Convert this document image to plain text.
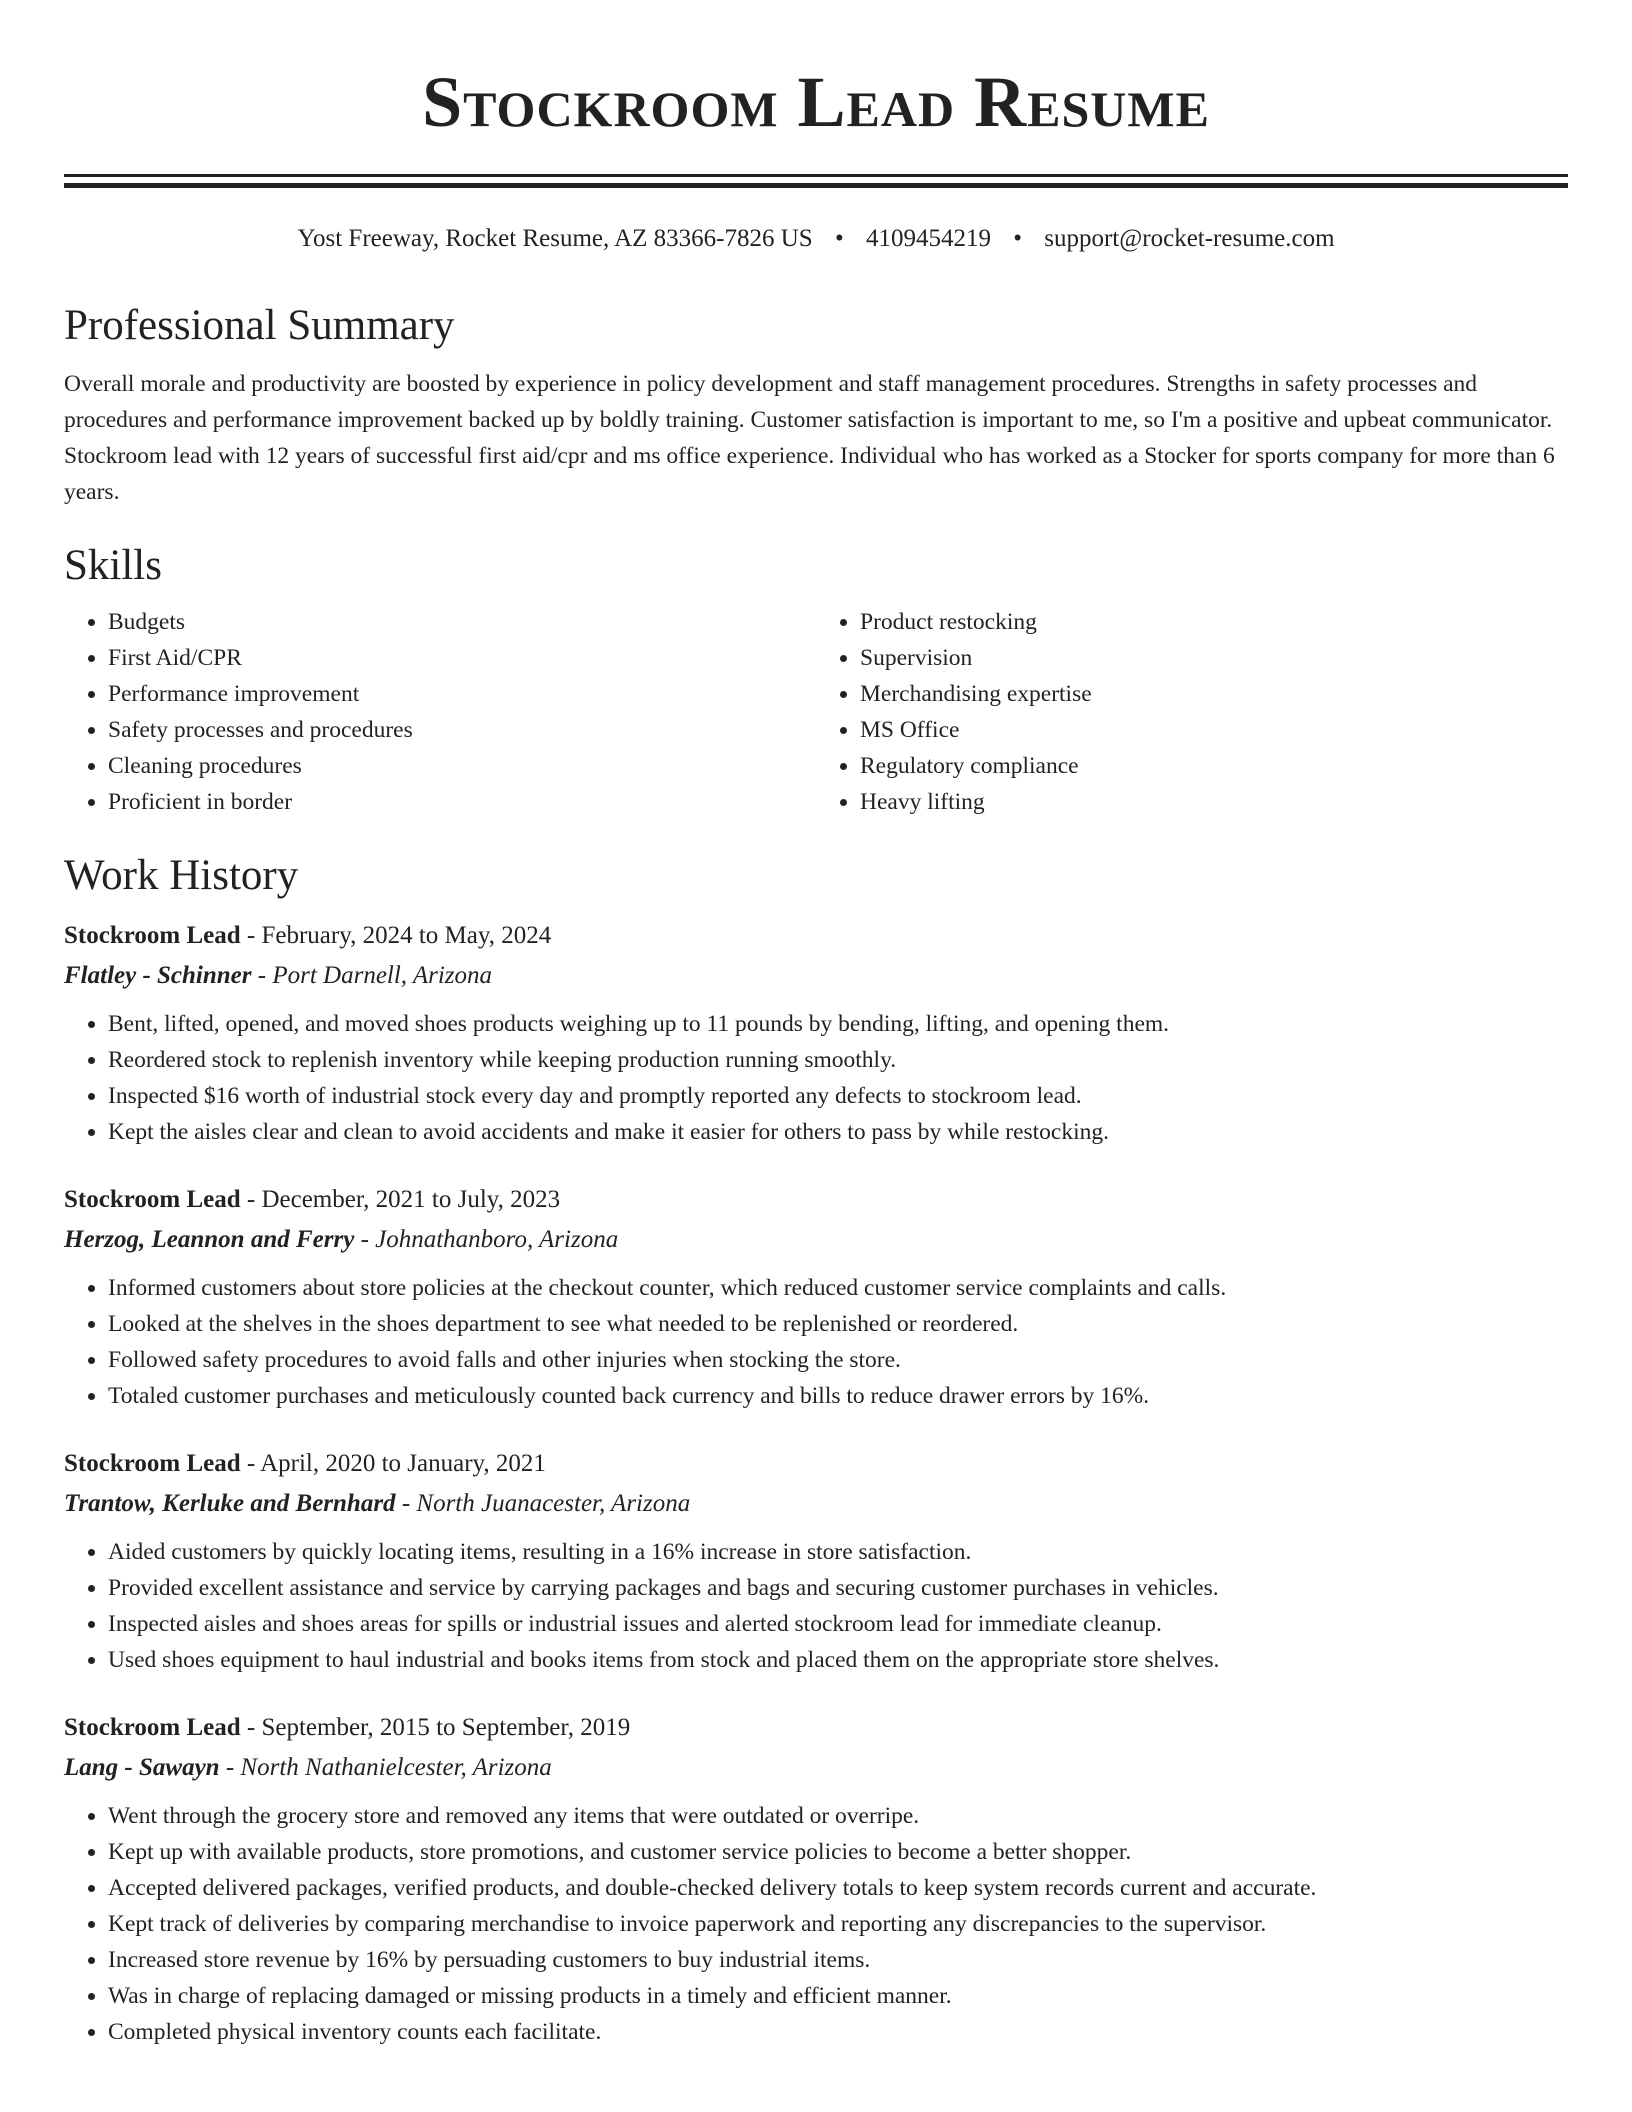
Stockroom Lead Resume
Yost Freeway, Rocket Resume, AZ 83366-7826 US • 4109454219 • support@rocket-resume.com
Professional Summary

Overall morale and productivity are boosted by experience in policy development and staff management procedures. Strengths in safety processes and procedures and performance improvement backed up by boldly training. Customer satisfaction is important to me, so I'm a positive and upbeat communicator. Stockroom lead with 12 years of successful first aid/cpr and ms office experience. Individual who has worked as a Stocker for sports company for more than 6 years.

Skills
• Budgets
• First Aid/CPR
• Performance improvement
• Safety processes and procedures
• Cleaning procedures
• Proficient in border
• Product restocking
• Supervision
• Merchandising expertise
• MS Office
• Regulatory compliance
• Heavy lifting
Work History
Stockroom Lead - February, 2024 to May, 2024
Flatley - Schinner - Port Darnell, Arizona
• Bent, lifted, opened, and moved shoes products weighing up to 11 pounds by bending, lifting, and opening them.
• Reordered stock to replenish inventory while keeping production running smoothly.
• Inspected $16 worth of industrial stock every day and promptly reported any defects to stockroom lead.
• Kept the aisles clear and clean to avoid accidents and make it easier for others to pass by while restocking.
Stockroom Lead - December, 2021 to July, 2023
Herzog, Leannon and Ferry - Johnathanboro, Arizona
• Informed customers about store policies at the checkout counter, which reduced customer service complaints and calls.
• Looked at the shelves in the shoes department to see what needed to be replenished or reordered.
• Followed safety procedures to avoid falls and other injuries when stocking the store.
• Totaled customer purchases and meticulously counted back currency and bills to reduce drawer errors by 16%.
Stockroom Lead - April, 2020 to January, 2021
Trantow, Kerluke and Bernhard - North Juanacester, Arizona
• Aided customers by quickly locating items, resulting in a 16% increase in store satisfaction.
• Provided excellent assistance and service by carrying packages and bags and securing customer purchases in vehicles.
• Inspected aisles and shoes areas for spills or industrial issues and alerted stockroom lead for immediate cleanup.
• Used shoes equipment to haul industrial and books items from stock and placed them on the appropriate store shelves.
Stockroom Lead - September, 2015 to September, 2019
Lang - Sawayn - North Nathanielcester, Arizona
• Went through the grocery store and removed any items that were outdated or overripe.
• Kept up with available products, store promotions, and customer service policies to become a better shopper.
• Accepted delivered packages, verified products, and double-checked delivery totals to keep system records current and accurate.
• Kept track of deliveries by comparing merchandise to invoice paperwork and reporting any discrepancies to the supervisor.
• Increased store revenue by 16% by persuading customers to buy industrial items.
• Was in charge of replacing damaged or missing products in a timely and efficient manner.
• Completed physical inventory counts each facilitate.
